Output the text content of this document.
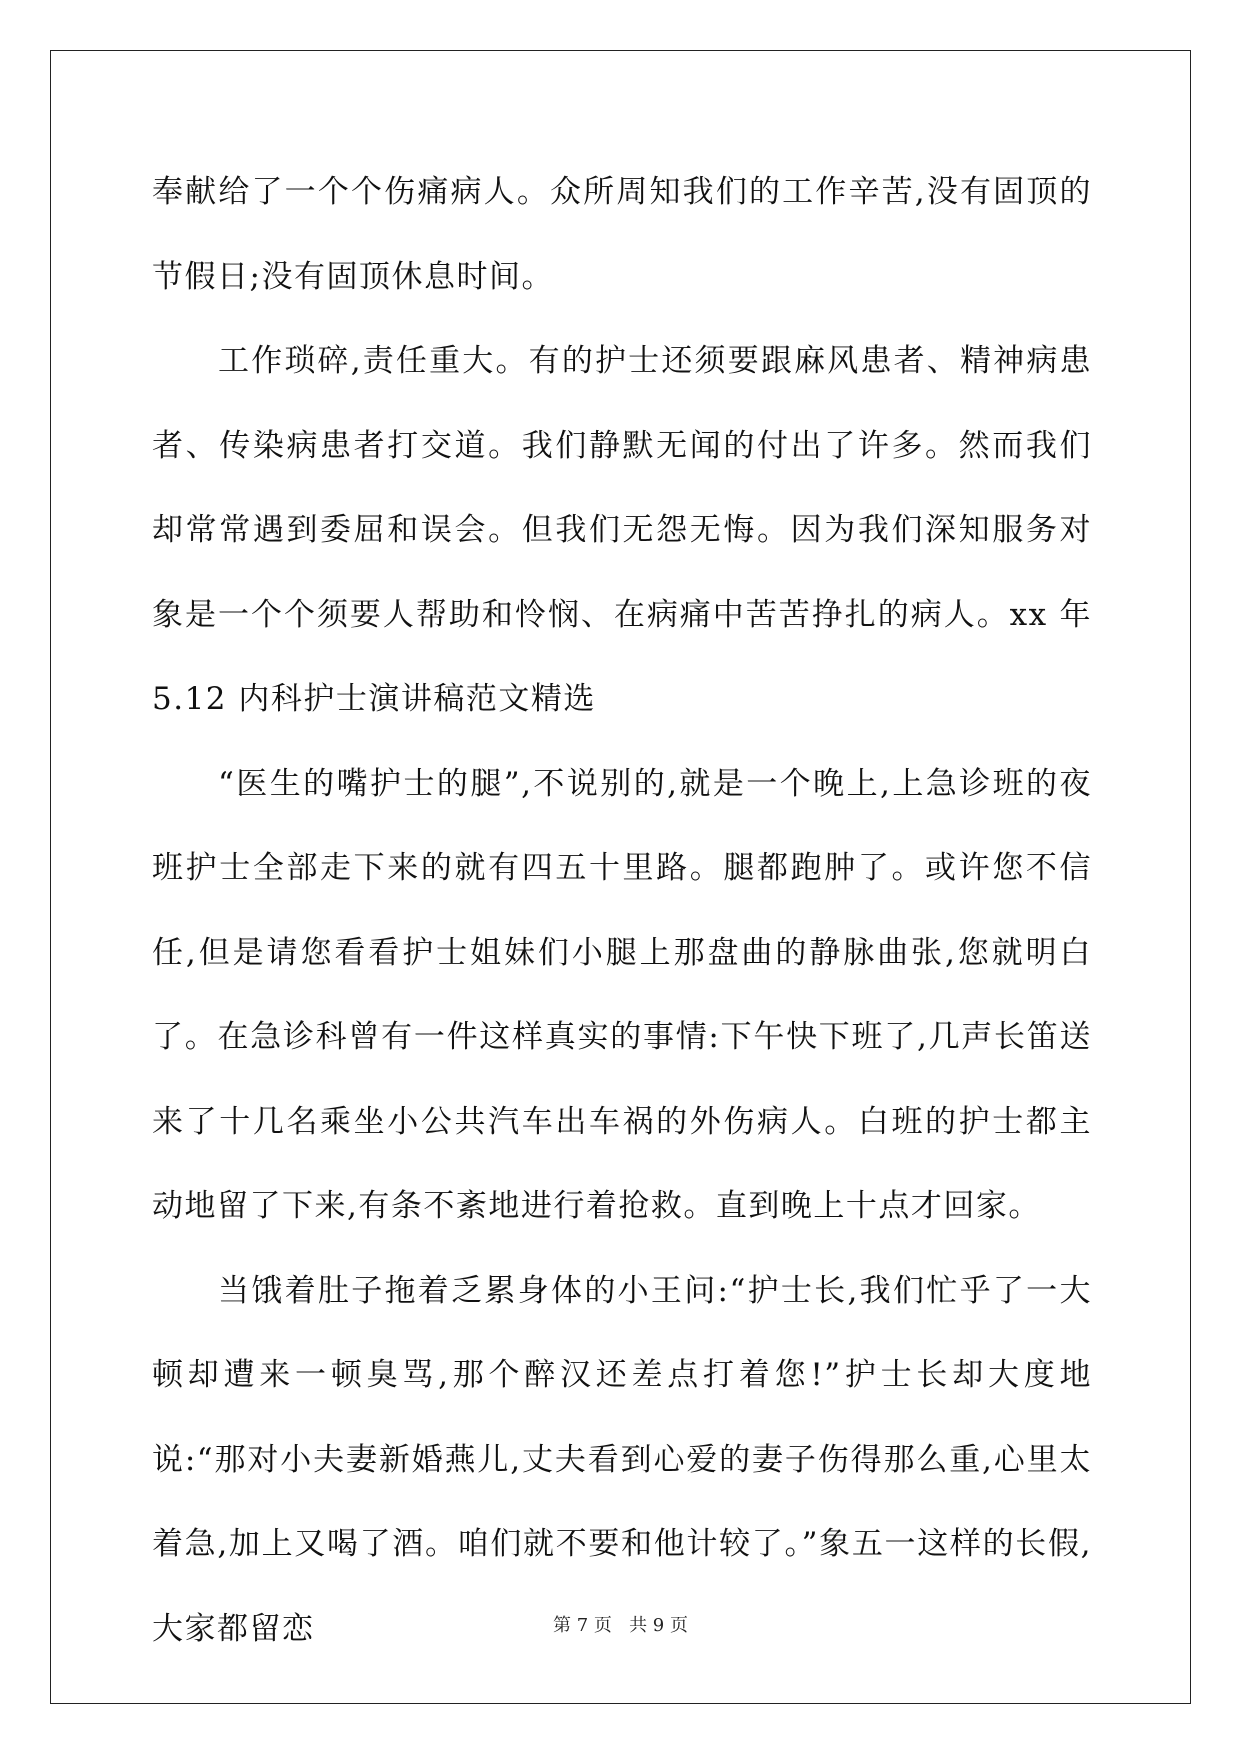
奉献给了一个个伤痛病人。众所周知我们的工作辛苦,没有固顶的节假日;没有固顶休息时间。

工作琐碎,责任重大。有的护士还须要跟麻风患者、精神病患者、传染病患者打交道。我们静默无闻的付出了许多。然而我们却常常遇到委屈和误会。但我们无怨无悔。因为我们深知服务对象是一个个须要人帮助和怜悯、在病痛中苦苦挣扎的病人。xx 年 5.12 内科护士演讲稿范文精选

“医生的嘴护士的腿”,不说别的,就是一个晚上,上急诊班的夜班护士全部走下来的就有四五十里路。腿都跑肿了。或许您不信任,但是请您看看护士姐妹们小腿上那盘曲的静脉曲张,您就明白了。在急诊科曾有一件这样真实的事情:下午快下班了,几声长笛送来了十几名乘坐小公共汽车出车祸的外伤病人。白班的护士都主动地留了下来,有条不紊地进行着抢救。直到晚上十点才回家。

当饿着肚子拖着乏累身体的小王问:“护士长,我们忙乎了一大顿却遭来一顿臭骂,那个醉汉还差点打着您!”护士长却大度地说:“那对小夫妻新婚燕儿,丈夫看到心爱的妻子伤得那么重,心里太着急,加上又喝了酒。咱们就不要和他计较了。”象五一这样的长假,大家都留恋	第 7 页   共 9 页
